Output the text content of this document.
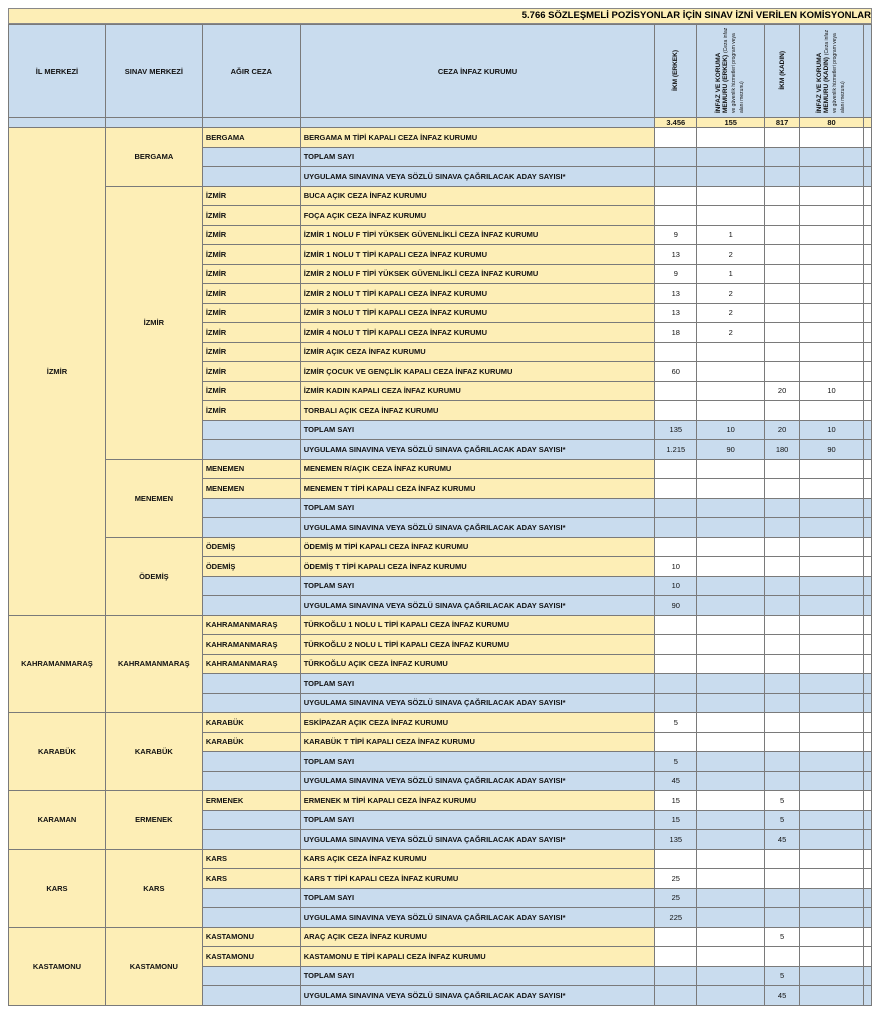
5.766 SÖZLEŞMELİ POZİSYONLAR İÇİN SINAV İZNİ VERİLEN KOMİSYONLAR
İL MERKEZİ	SINAV MERKEZİ	AĞIR CEZA	CEZA İNFAZ KURUMU	İKM (ERKEK)	İNFAZ VE KORUMA MEMURU (ERKEK) (Ceza infaz ve güvenlik hizmetleri program veya alanı mezunu)	İKM (KADIN)	İNFAZ VE KORUMA MEMURU (KADIN) (Ceza infaz ve güvenlik hizmetleri program veya alanı mezunu)	
				3.456	155	817	80	
İZMİR	BERGAMA	BERGAMA	BERGAMA M TİPİ KAPALI CEZA İNFAZ KURUMU					
			TOPLAM SAYI					
			UYGULAMA SINAVINA VEYA SÖZLÜ SINAVA ÇAĞRILACAK ADAY SAYISI*					
	İZMİR	İZMİR	BUCA AÇIK CEZA İNFAZ KURUMU					
		İZMİR	FOÇA AÇIK CEZA İNFAZ KURUMU					
		İZMİR	İZMİR 1 NOLU F TİPİ YÜKSEK GÜVENLİKLİ CEZA İNFAZ KURUMU	9	1			
		İZMİR	İZMİR 1 NOLU T TİPİ KAPALI CEZA İNFAZ KURUMU	13	2			
		İZMİR	İZMİR 2 NOLU F TİPİ YÜKSEK GÜVENLİKLİ CEZA İNFAZ KURUMU	9	1			
		İZMİR	İZMİR 2 NOLU T TİPİ KAPALI CEZA İNFAZ KURUMU	13	2			
		İZMİR	İZMİR 3 NOLU T TİPİ KAPALI CEZA İNFAZ KURUMU	13	2			
		İZMİR	İZMİR 4 NOLU T TİPİ KAPALI CEZA İNFAZ KURUMU	18	2			
		İZMİR	İZMİR AÇIK CEZA İNFAZ KURUMU					
		İZMİR	İZMİR ÇOCUK VE GENÇLİK KAPALI CEZA İNFAZ KURUMU	60				
		İZMİR	İZMİR KADIN KAPALI CEZA İNFAZ KURUMU			20	10	
		İZMİR	TORBALI AÇIK CEZA İNFAZ KURUMU					
			TOPLAM SAYI	135	10	20	10	
			UYGULAMA SINAVINA VEYA SÖZLÜ SINAVA ÇAĞRILACAK ADAY SAYISI*	1.215	90	180	90	
	MENEMEN	MENEMEN	MENEMEN R/AÇIK CEZA İNFAZ KURUMU					
		MENEMEN	MENEMEN T TİPİ KAPALI CEZA İNFAZ KURUMU					
			TOPLAM SAYI					
			UYGULAMA SINAVINA VEYA SÖZLÜ SINAVA ÇAĞRILACAK ADAY SAYISI*					
	ÖDEMİŞ	ÖDEMİŞ	ÖDEMİŞ M TİPİ KAPALI CEZA İNFAZ KURUMU					
		ÖDEMİŞ	ÖDEMİŞ T TİPİ KAPALI CEZA İNFAZ KURUMU	10				
			TOPLAM SAYI	10				
			UYGULAMA SINAVINA VEYA SÖZLÜ SINAVA ÇAĞRILACAK ADAY SAYISI*	90				
KAHRAMANMARAŞ	KAHRAMANMARAŞ	KAHRAMANMARAŞ	TÜRKOĞLU 1 NOLU L TİPİ KAPALI CEZA İNFAZ KURUMU					
		KAHRAMANMARAŞ	TÜRKOĞLU 2 NOLU L TİPİ KAPALI CEZA İNFAZ KURUMU					
		KAHRAMANMARAŞ	TÜRKOĞLU AÇIK CEZA İNFAZ KURUMU					
			TOPLAM SAYI					
			UYGULAMA SINAVINA VEYA SÖZLÜ SINAVA ÇAĞRILACAK ADAY SAYISI*					
KARABÜK	KARABÜK	KARABÜK	ESKİPAZAR AÇIK CEZA İNFAZ KURUMU	5				
		KARABÜK	KARABÜK T TİPİ KAPALI CEZA İNFAZ KURUMU					
			TOPLAM SAYI	5				
			UYGULAMA SINAVINA VEYA SÖZLÜ SINAVA ÇAĞRILACAK ADAY SAYISI*	45				
KARAMAN	ERMENEK	ERMENEK	ERMENEK M TİPİ KAPALI CEZA İNFAZ KURUMU	15		5		
			TOPLAM SAYI	15		5		
			UYGULAMA SINAVINA VEYA SÖZLÜ SINAVA ÇAĞRILACAK ADAY SAYISI*	135		45		
KARS	KARS	KARS	KARS AÇIK CEZA İNFAZ KURUMU					
		KARS	KARS T TİPİ KAPALI CEZA İNFAZ KURUMU	25				
			TOPLAM SAYI	25				
			UYGULAMA SINAVINA VEYA SÖZLÜ SINAVA ÇAĞRILACAK ADAY SAYISI*	225				
KASTAMONU	KASTAMONU	KASTAMONU	ARAÇ AÇIK CEZA İNFAZ KURUMU			5		
		KASTAMONU	KASTAMONU E TİPİ KAPALI CEZA İNFAZ KURUMU					
			TOPLAM SAYI			5		
			UYGULAMA SINAVINA VEYA SÖZLÜ SINAVA ÇAĞRILACAK ADAY SAYISI*			45		
